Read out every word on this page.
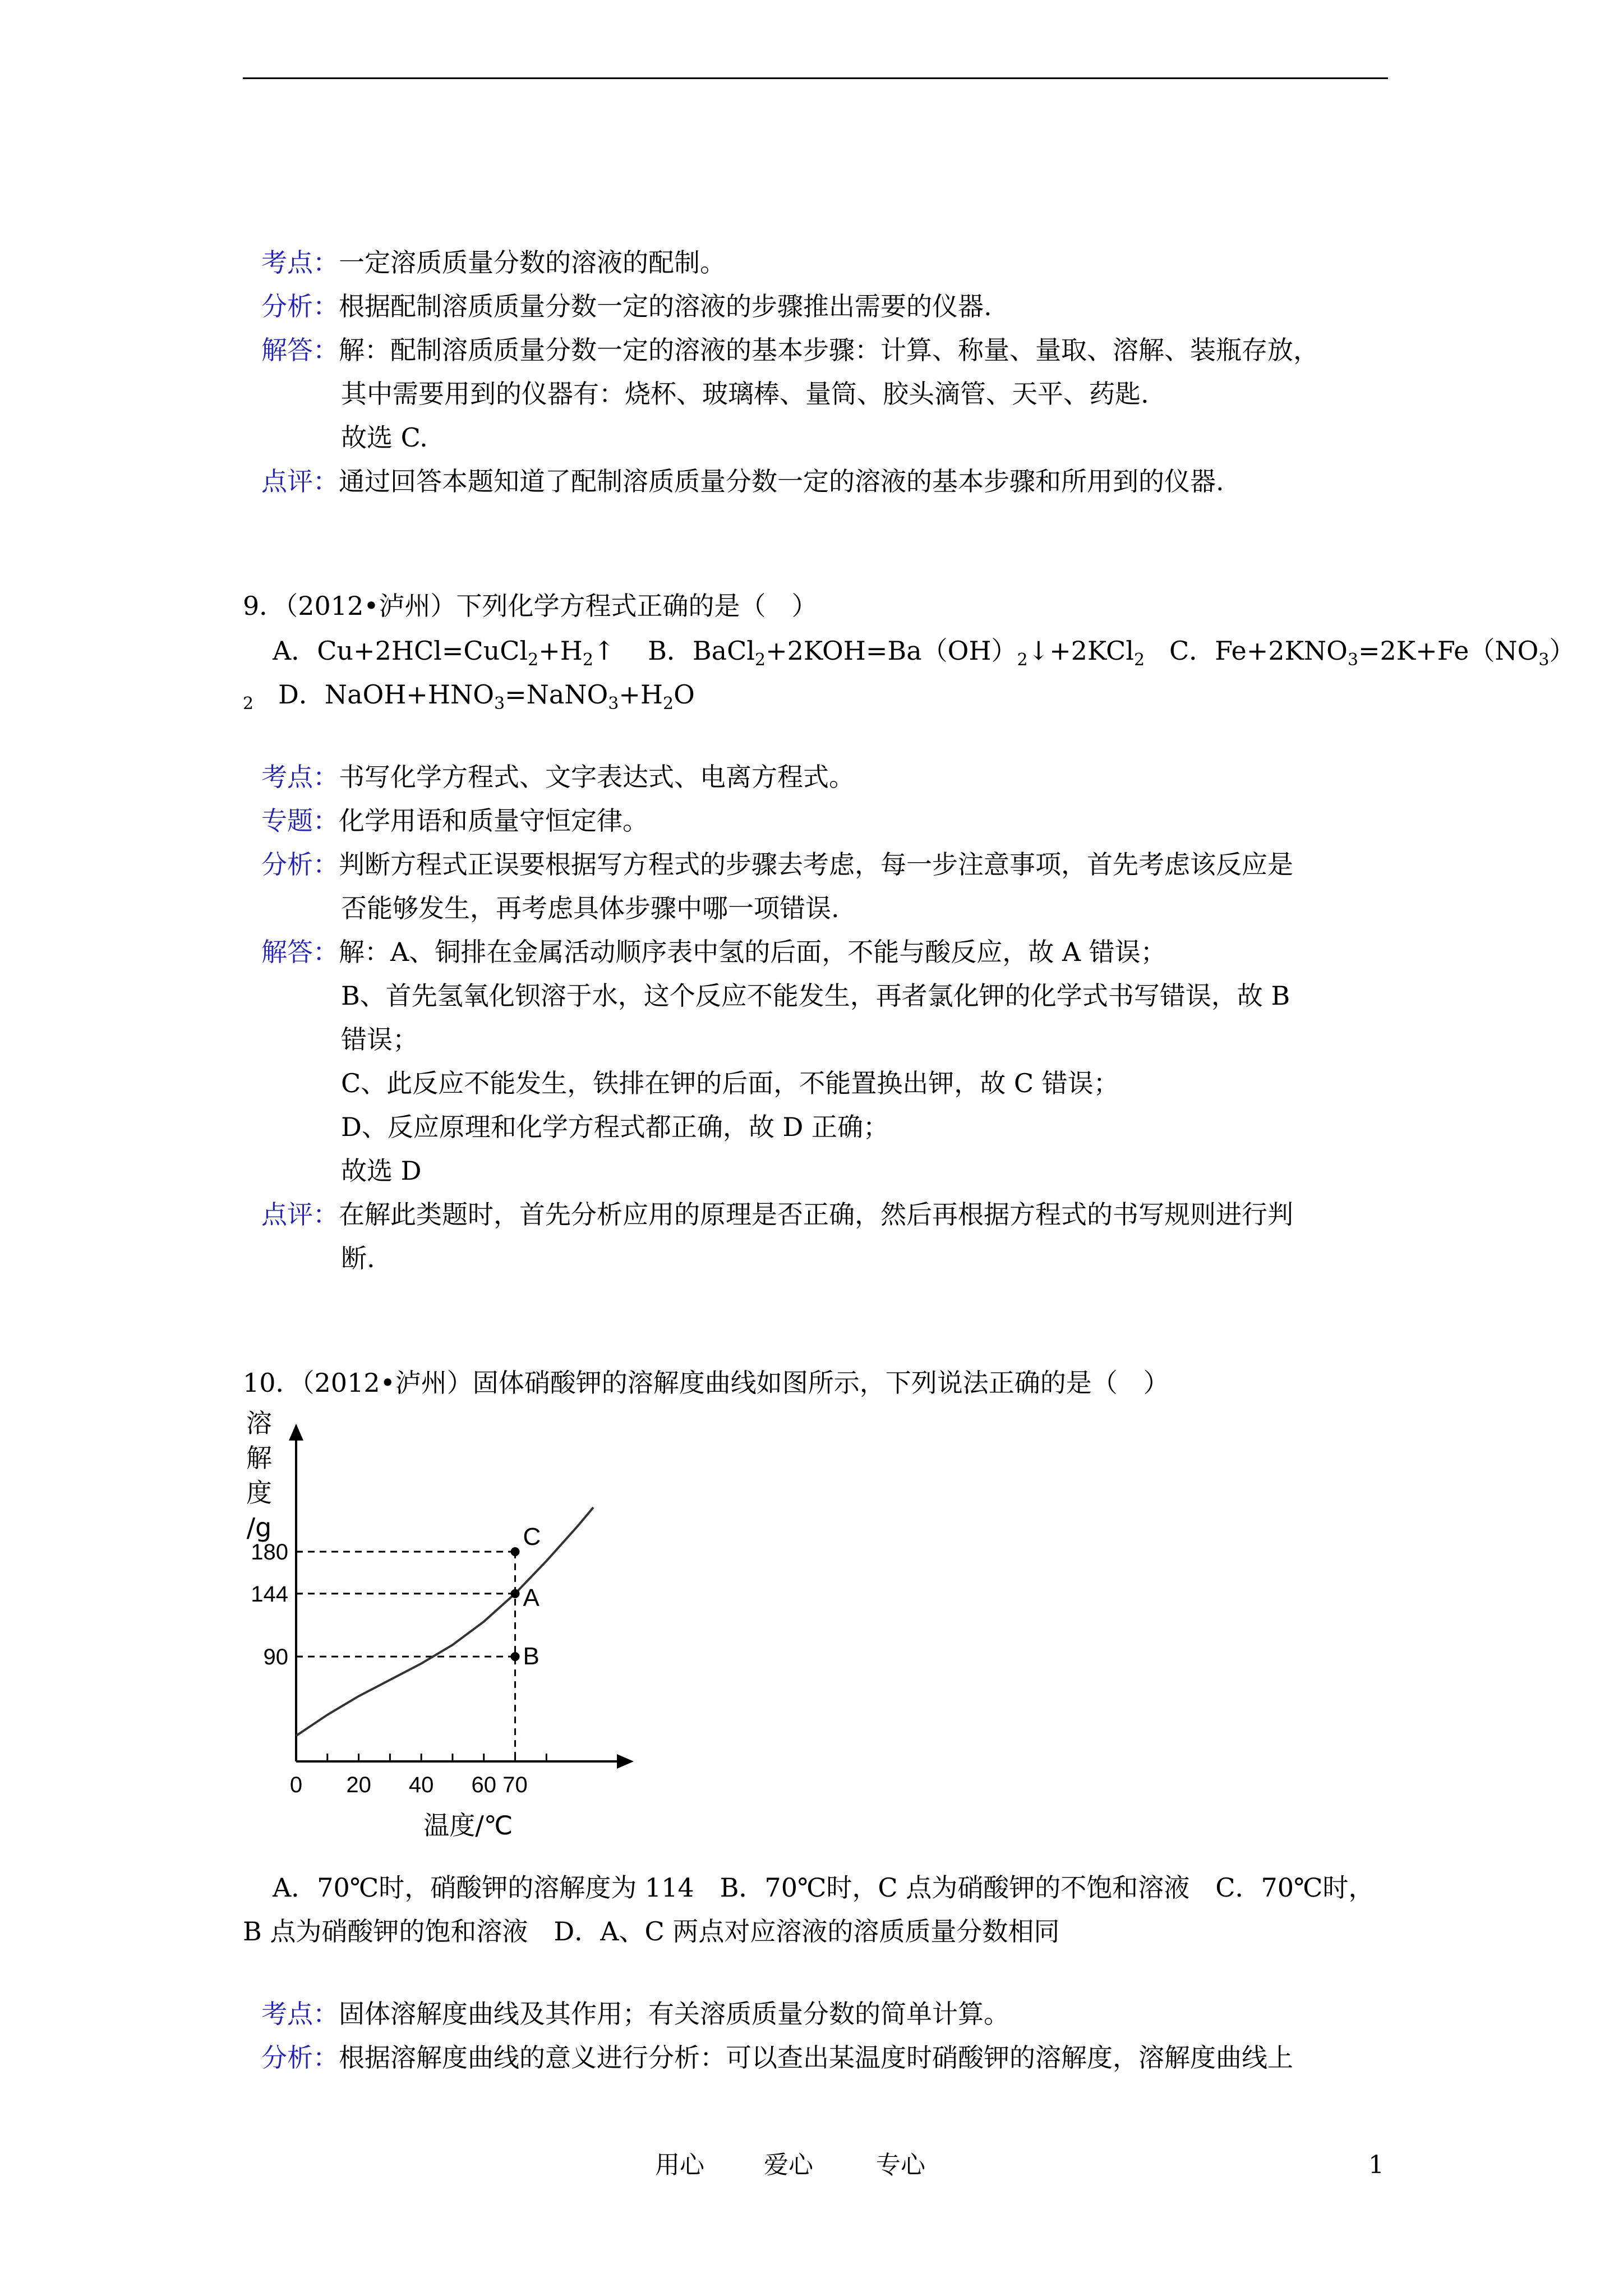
考点：一定溶质质量分数的溶液的配制。
分析：根据配制溶质质量分数一定的溶液的步骤推出需要的仪器.
解答：解：配制溶质质量分数一定的溶液的基本步骤：计算、称量、量取、溶解、装瓶存放，
其中需要用到的仪器有：烧杯、玻璃棒、量筒、胶头滴管、天平、药匙.
故选 C.
点评：通过回答本题知道了配制溶质质量分数一定的溶液的基本步骤和所用到的仪器.
9．（2012•泸州）下列化学方程式正确的是（　）
A．$Cu+2HCl=CuCl_2+H_2↑$ B．$BaCl_2+2KOH=Ba(OH)_2↓+2KCl_2$ C．$Fe+2KNO_3=2K+Fe(NO_3)$
$_2$ D．$NaOH+HNO_3=NaNO_3+H_2O$
考点：书写化学方程式、文字表达式、电离方程式。
专题：化学用语和质量守恒定律。
分析：判断方程式正误要根据写方程式的步骤去考虑，每一步注意事项，首先考虑该反应是
否能够发生，再考虑具体步骤中哪一项错误.
解答：解：A、铜排在金属活动顺序表中氢的后面，不能与酸反应，故 A 错误；
B、首先氢氧化钡溶于水，这个反应不能发生，再者氯化钾的化学式书写错误，故 B
错误；
C、此反应不能发生，铁排在钾的后面，不能置换出钾，故 C 错误；
D、反应原理和化学方程式都正确，故 D 正确；
故选 D
点评：在解此类题时，首先分析应用的原理是否正确，然后再根据方程式的书写规则进行判
断.
10．（2012•泸州）固体硝酸钾的溶解度曲线如图所示，下列说法正确的是（　）
0 20 40 60 70
90
144
180
C
A
B
溶
解
度
/g
温度/℃
A．70℃时，硝酸钾的溶解度为 114　B．70℃时，C 点为硝酸钾的不饱和溶液　C．70℃时，
B 点为硝酸钾的饱和溶液　D．A、C 两点对应溶液的溶质质量分数相同
考点：固体溶解度曲线及其作用；有关溶质质量分数的简单计算。
分析：根据溶解度曲线的意义进行分析：可以查出某温度时硝酸钾的溶解度，溶解度曲线上
用心 爱心	专心	1
